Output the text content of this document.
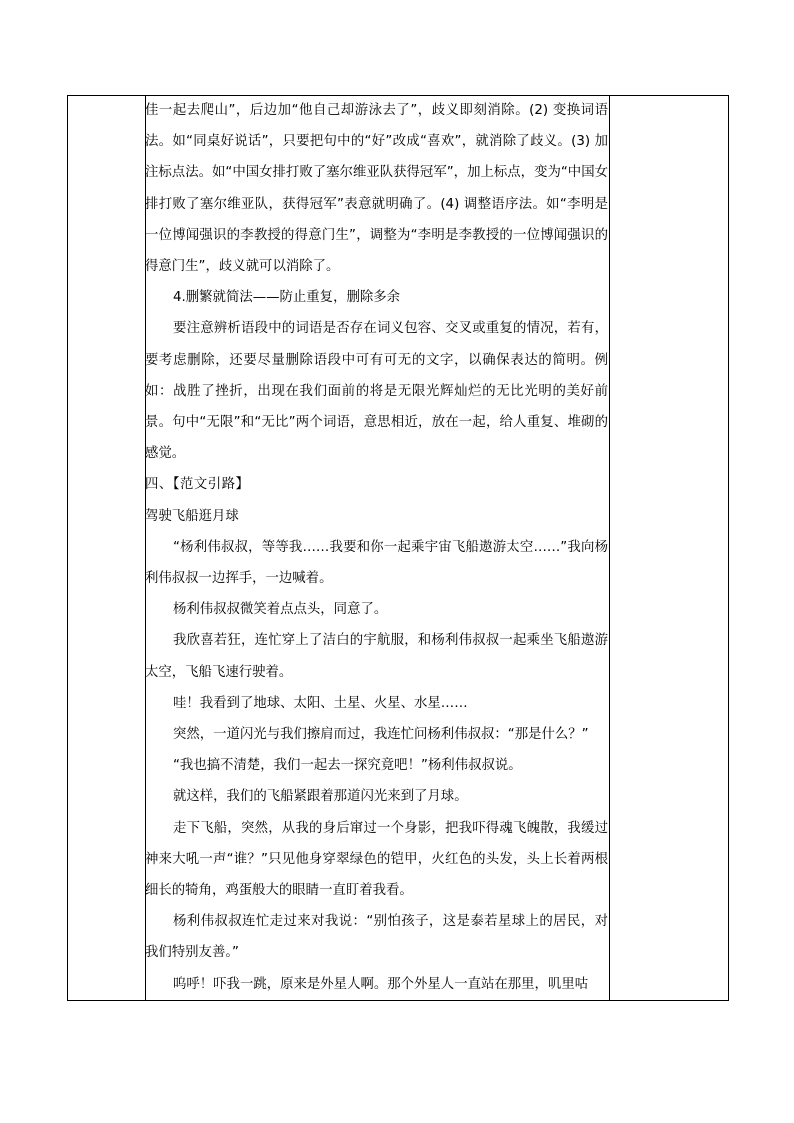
佳一起去爬山”，后边加“他自己却游泳去了”，歧义即刻消除。(2) 变换词语法。如“同桌好说话”，只要把句中的“好”改成“喜欢”，就消除了歧义。(3) 加注标点法。如“中国女排打败了塞尔维亚队获得冠军”，加上标点，变为“中国女排打败了塞尔维亚队，获得冠军”表意就明确了。(4) 调整语序法。如“李明是一位博闻强识的李教授的得意门生”，调整为“李明是李教授的一位博闻强识的得意门生”，歧义就可以消除了。

4.删繁就简法——防止重复，删除多余

要注意辨析语段中的词语是否存在词义包容、交叉或重复的情况，若有，要考虑删除，还要尽量删除语段中可有可无的文字，以确保表达的简明。例如：战胜了挫折，出现在我们面前的将是无限光辉灿烂的无比光明的美好前景。句中“无限”和“无比”两个词语，意思相近，放在一起，给人重复、堆砌的感觉。

四、【范文引路】

驾驶飞船逛月球

“杨利伟叔叔，等等我……我要和你一起乘宇宙飞船遨游太空……”我向杨利伟叔叔一边挥手，一边喊着。

杨利伟叔叔微笑着点点头，同意了。

我欣喜若狂，连忙穿上了洁白的宇航服，和杨利伟叔叔一起乘坐飞船遨游太空，飞船飞速行驶着。

哇！我看到了地球、太阳、土星、火星、水星……

突然，一道闪光与我们擦肩而过，我连忙问杨利伟叔叔：“那是什么？”

“我也搞不清楚，我们一起去一探究竟吧！”杨利伟叔叔说。

就这样，我们的飞船紧跟着那道闪光来到了月球。

走下飞船，突然，从我的身后窜过一个身影，把我吓得魂飞魄散，我缓过神来大吼一声“谁？”只见他身穿翠绿色的铠甲，火红色的头发，头上长着两根细长的犄角，鸡蛋般大的眼睛一直盯着我看。

杨利伟叔叔连忙走过来对我说：“别怕孩子，这是泰若星球上的居民，对我们特别友善。”

呜呼！吓我一跳，原来是外星人啊。那个外星人一直站在那里，叽里咕
